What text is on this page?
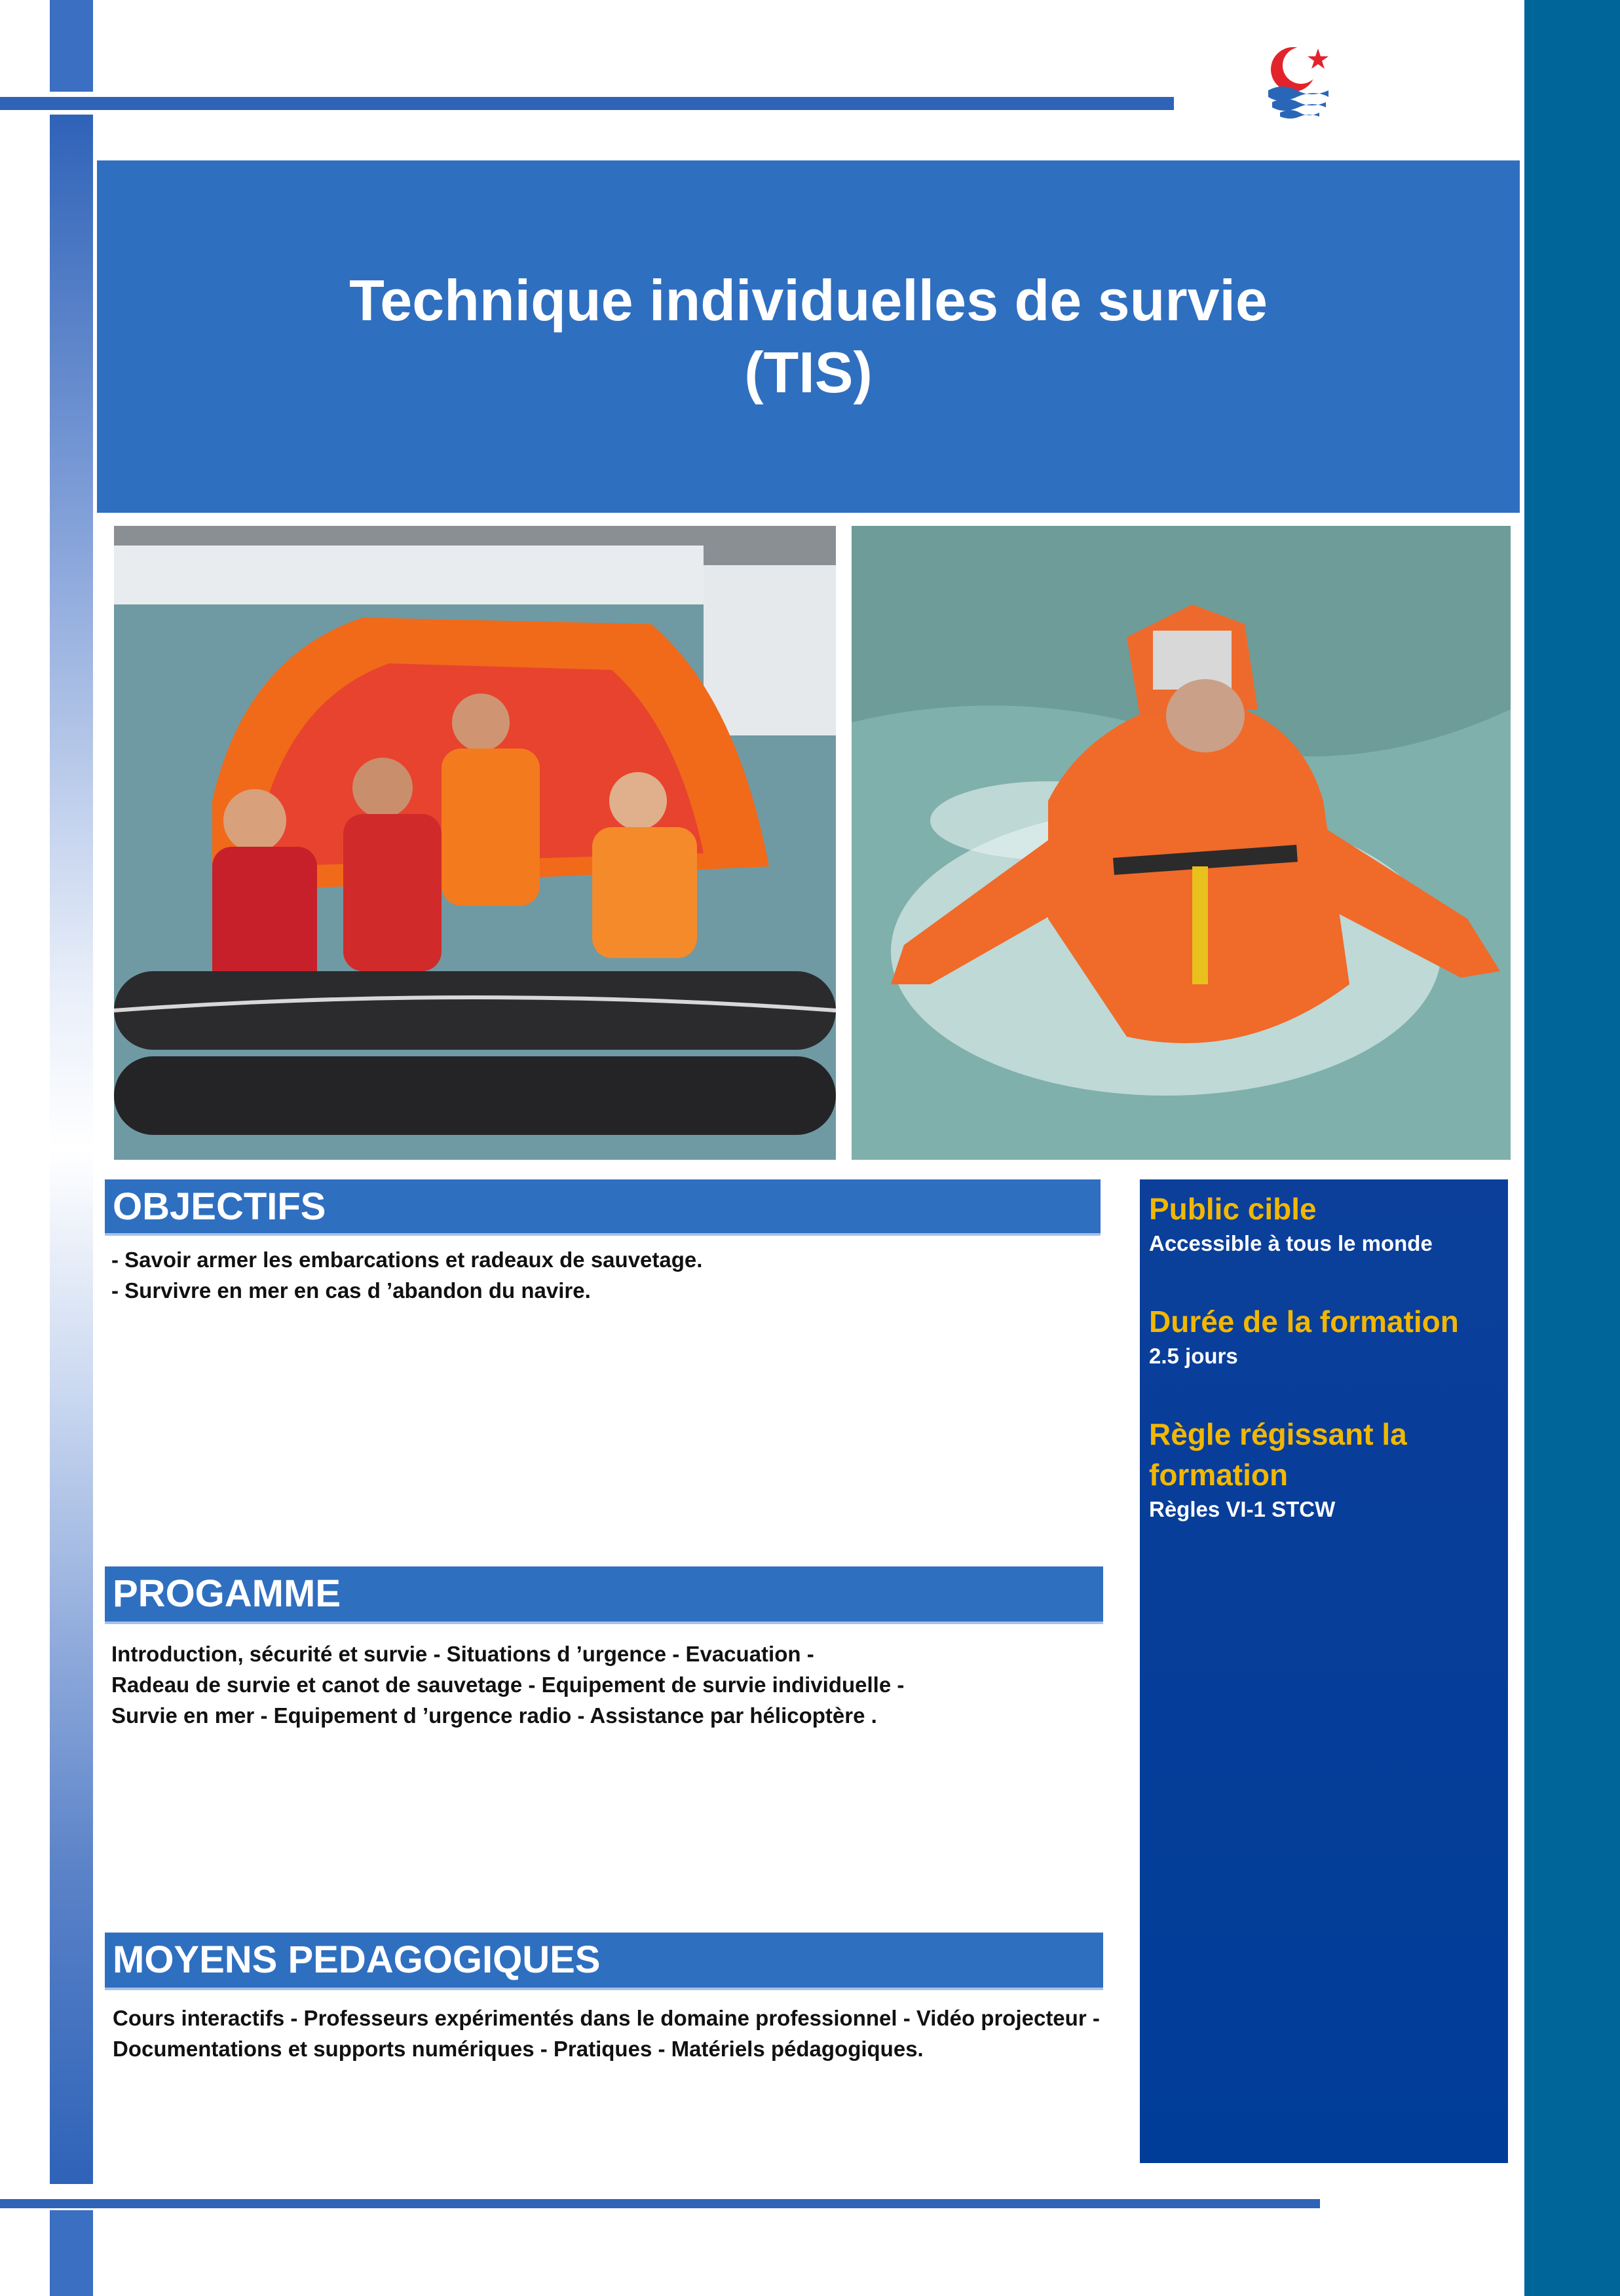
Technique individuelles de survie
(TIS)
OBJECTIFS
- Savoir armer les embarcations et radeaux de sauvetage.
- Survivre en mer en cas d ’abandon du navire.
PROGAMME
Introduction, sécurité et survie - Situations d ’urgence - Evacuation -
Radeau de survie et canot de sauvetage - Equipement de survie individuelle -
Survie en mer - Equipement d ’urgence radio - Assistance par hélicoptère .
MOYENS PEDAGOGIQUES
Cours interactifs - Professeurs expérimentés dans le domaine professionnel - Vidéo projecteur -
Documentations et supports numériques - Pratiques - Matériels pédagogiques.
Public cible
Accessible à tous le monde
Durée de la formation
2.5 jours
Règle régissant la
formation
Règles VI-1 STCW
